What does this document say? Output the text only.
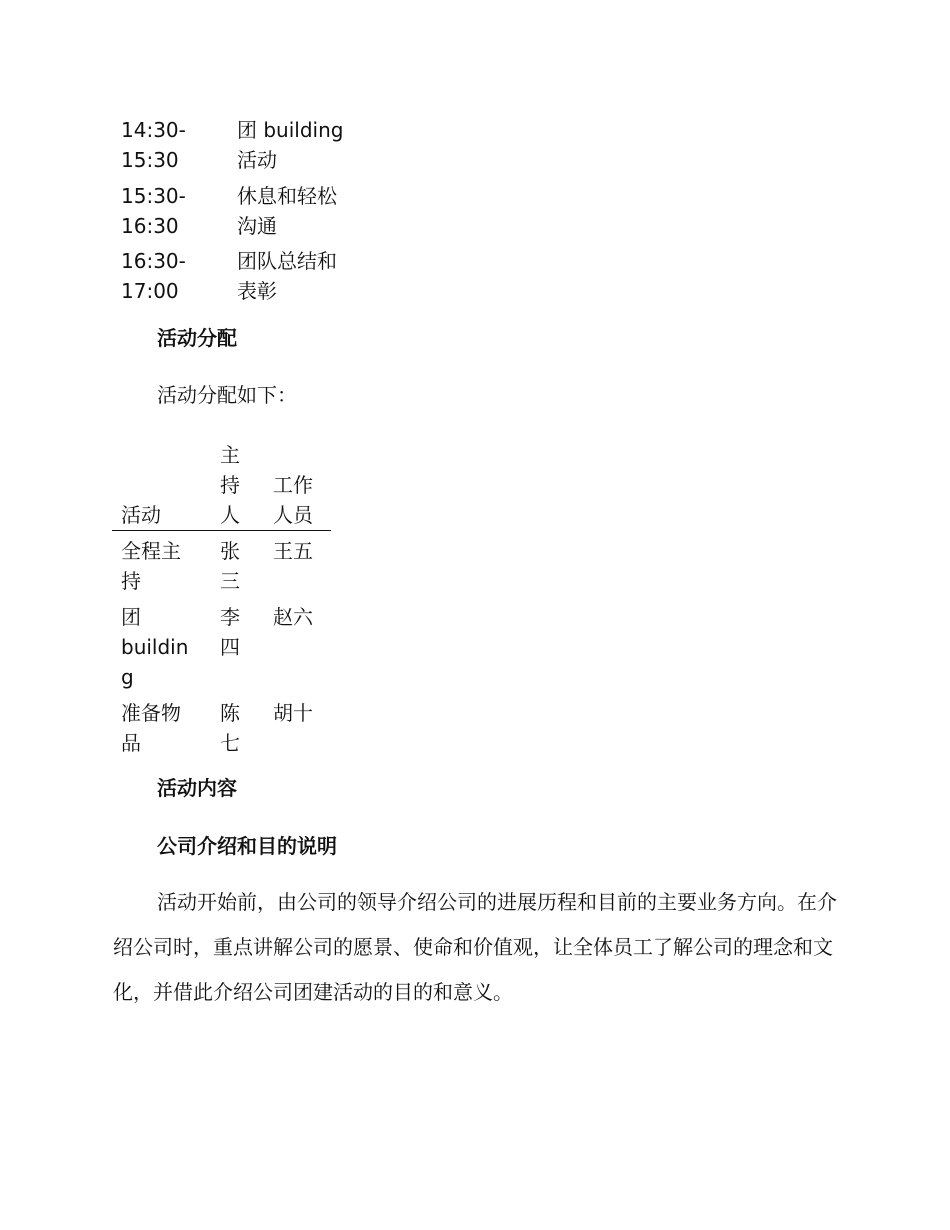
14:30-
15:30
团 building
活动
15:30-
16:30
休息和轻松
沟通
16:30-
17:00
团队总结和
表彰
活动分配
活动分配如下：
活动
主
持
人
工作
人员
全程主
持
张
三
王五
团
buildin
g
李
四
赵六
准备物
品
陈
七
胡十
活动内容
公司介绍和目的说明
活动开始前，由公司的领导介绍公司的进展历程和目前的主要业务方向。在介绍公司时，重点讲解公司的愿景、使命和价值观，让全体员工了解公司的理念和文化，并借此介绍公司团建活动的目的和意义。
